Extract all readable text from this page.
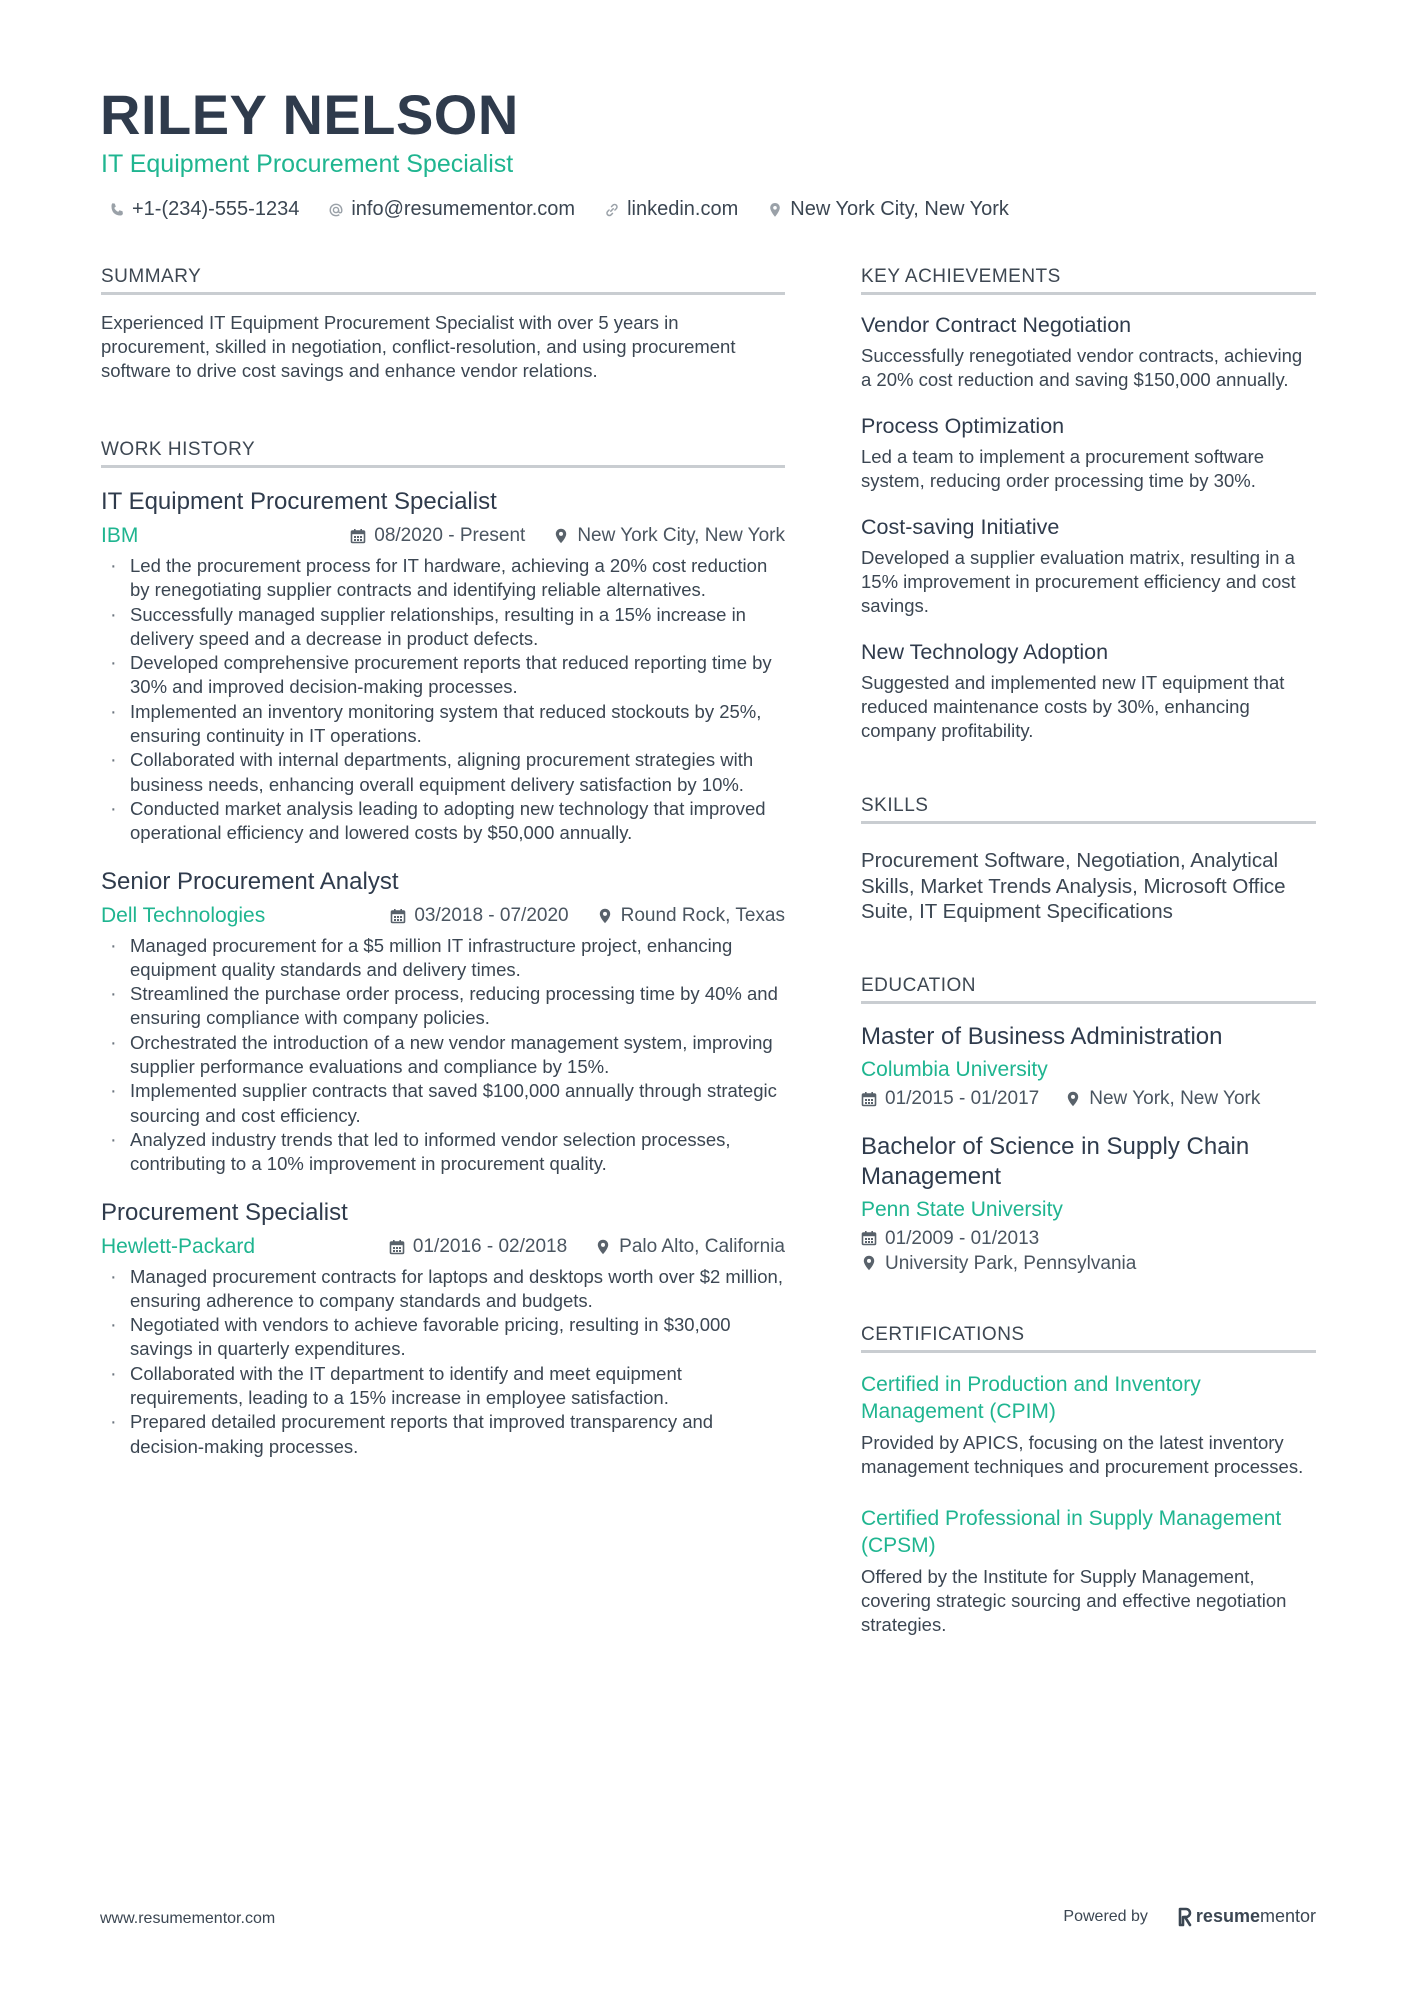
RILEY NELSON
IT Equipment Procurement Specialist
+1-(234)-555-1234	info@resumementor.com	linkedin.com	New York City, New York
SUMMARY
Experienced IT Equipment Procurement Specialist with over 5 years in procurement, skilled in negotiation, conflict-resolution, and using procurement software to drive cost savings and enhance vendor relations.
WORK HISTORY
IT Equipment Procurement Specialist
IBM	08/2020 - Present	New York City, New York
· Led the procurement process for IT hardware, achieving a 20% cost reduction by renegotiating supplier contracts and identifying reliable alternatives.
· Successfully managed supplier relationships, resulting in a 15% increase in delivery speed and a decrease in product defects.
· Developed comprehensive procurement reports that reduced reporting time by 30% and improved decision-making processes.
· Implemented an inventory monitoring system that reduced stockouts by 25%, ensuring continuity in IT operations.
· Collaborated with internal departments, aligning procurement strategies with business needs, enhancing overall equipment delivery satisfaction by 10%.
· Conducted market analysis leading to adopting new technology that improved operational efficiency and lowered costs by $50,000 annually.
Senior Procurement Analyst
Dell Technologies	03/2018 - 07/2020	Round Rock, Texas
· Managed procurement for a $5 million IT infrastructure project, enhancing equipment quality standards and delivery times.
· Streamlined the purchase order process, reducing processing time by 40% and ensuring compliance with company policies.
· Orchestrated the introduction of a new vendor management system, improving supplier performance evaluations and compliance by 15%.
· Implemented supplier contracts that saved $100,000 annually through strategic sourcing and cost efficiency.
· Analyzed industry trends that led to informed vendor selection processes, contributing to a 10% improvement in procurement quality.
Procurement Specialist
Hewlett-Packard	01/2016 - 02/2018	Palo Alto, California
· Managed procurement contracts for laptops and desktops worth over $2 million, ensuring adherence to company standards and budgets.
· Negotiated with vendors to achieve favorable pricing, resulting in $30,000 savings in quarterly expenditures.
· Collaborated with the IT department to identify and meet equipment requirements, leading to a 15% increase in employee satisfaction.
· Prepared detailed procurement reports that improved transparency and decision-making processes.
KEY ACHIEVEMENTS
Vendor Contract Negotiation
Successfully renegotiated vendor contracts, achieving a 20% cost reduction and saving $150,000 annually.
Process Optimization
Led a team to implement a procurement software system, reducing order processing time by 30%.
Cost-saving Initiative
Developed a supplier evaluation matrix, resulting in a 15% improvement in procurement efficiency and cost savings.
New Technology Adoption
Suggested and implemented new IT equipment that reduced maintenance costs by 30%, enhancing company profitability.
SKILLS
Procurement Software, Negotiation, Analytical Skills, Market Trends Analysis, Microsoft Office Suite, IT Equipment Specifications
EDUCATION
Master of Business Administration
Columbia University
01/2015 - 01/2017	New York, New York
Bachelor of Science in Supply Chain Management
Penn State University
01/2009 - 01/2013
University Park, Pennsylvania
CERTIFICATIONS
Certified in Production and Inventory Management (CPIM)
Provided by APICS, focusing on the latest inventory management techniques and procurement processes.
Certified Professional in Supply Management (CPSM)
Offered by the Institute for Supply Management, covering strategic sourcing and effective negotiation strategies.
www.resumementor.com	Powered by	resume mentor
